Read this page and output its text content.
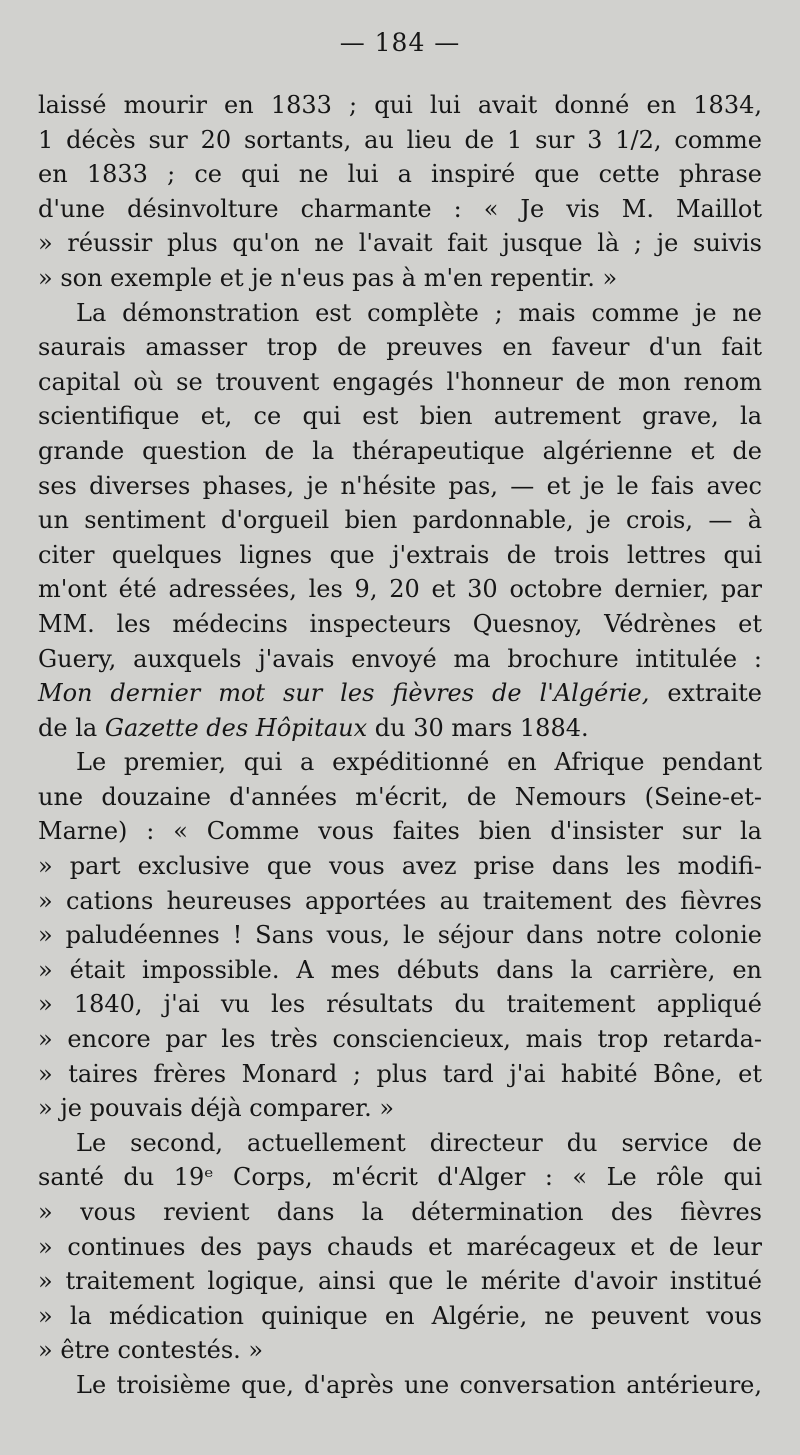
— 184 —
laissé mourir en 1833 ; qui lui avait donné en 1834,
1 décès sur 20 sortants, au lieu de 1 sur 3 1/2, comme
en 1833 ; ce qui ne lui a inspiré que cette phrase
d'une désinvolture charmante : « Je vis M. Maillot
» réussir plus qu'on ne l'avait fait jusque là ; je suivis
» son exemple et je n'eus pas à m'en repentir. »
La démonstration est complète ; mais comme je ne
saurais amasser trop de preuves en faveur d'un fait
capital où se trouvent engagés l'honneur de mon renom
scientifique et, ce qui est bien autrement grave, la
grande question de la thérapeutique algérienne et de
ses diverses phases, je n'hésite pas, — et je le fais avec
un sentiment d'orgueil bien pardonnable, je crois, — à
citer quelques lignes que j'extrais de trois lettres qui
m'ont été adressées, les 9, 20 et 30 octobre dernier, par
MM. les médecins inspecteurs Quesnoy, Védrènes et
Guery, auxquels j'avais envoyé ma brochure intitulée :
Mon dernier mot sur les fièvres de l'Algérie, extraite
de la Gazette des Hôpitaux du 30 mars 1884.
Le premier, qui a expéditionné en Afrique pendant
une douzaine d'années m'écrit, de Nemours (Seine-et-
Marne) : « Comme vous faites bien d'insister sur la
» part exclusive que vous avez prise dans les modifi-
» cations heureuses apportées au traitement des fièvres
» paludéennes ! Sans vous, le séjour dans notre colonie
» était impossible. A mes débuts dans la carrière, en
» 1840, j'ai vu les résultats du traitement appliqué
» encore par les très consciencieux, mais trop retarda-
» taires frères Monard ; plus tard j'ai habité Bône, et
» je pouvais déjà comparer. »
Le second, actuellement directeur du service de
santé du 19ᵉ Corps, m'écrit d'Alger : « Le rôle qui
» vous revient dans la détermination des fièvres
» continues des pays chauds et marécageux et de leur
» traitement logique, ainsi que le mérite d'avoir institué
» la médication quinique en Algérie, ne peuvent vous
» être contestés. »
Le troisième que, d'après une conversation antérieure,
